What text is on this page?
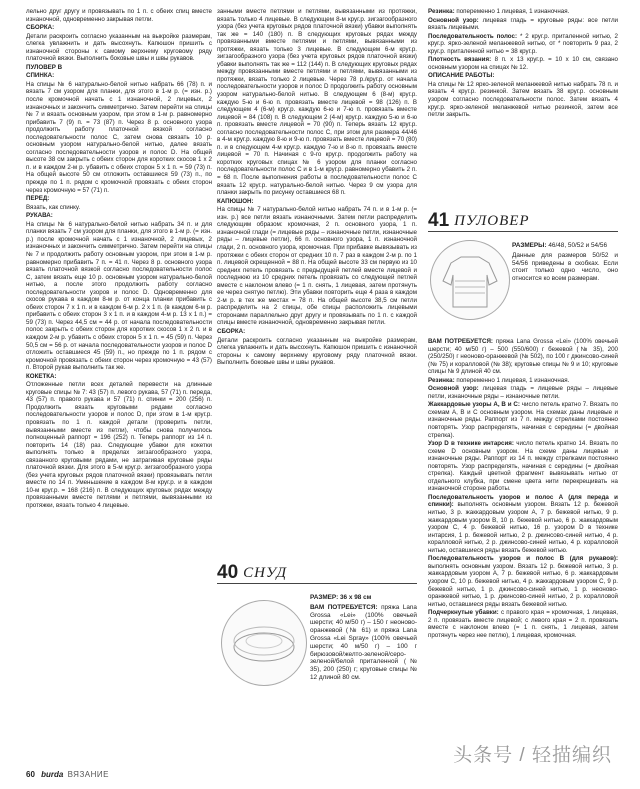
лельно друг другу и провязывать по 1 п. с обеих спиц вместе изнаночной, одновременно закрывая петли.

СБОРКА:

Детали раскроить согласно указанным на выкройке размерам, слегка увлажнить и дать высохнуть. Капюшон пришить с изнаночной стороны к самому верхнему круговому ряду платочной вязки. Выполнить боковые швы и швы рукавов.

ПУЛОВЕР В

СПИНКА:

На спицы № 6 натурально-белой нитью набрать 66 (78) п. и вязать 7 см узором для планки, для этого в 1-м р. (= изн. р.) после кромочной начать с 1 изнаночной, 2 лицевых, 2 изнаночных и закончить симметрично. Затем перейти на спицы № 7 и вязать основным узором, при этом в 1-м р. равномерно прибавить 7 (9) п. = 73 (87) п. Через 8 р. основного узора продолжить работу платочной вязкой согласно последовательности полос С, затем снова связать 10 р. основным узором натурально-белой нитью, далее вязать согласно последовательности узоров и полос D. На общей высоте 38 см закрыть с обеих сторон для коротких скосов 1 x 2 п. и в каждом 2-м р. убавить с обеих сторон 5 x 1 п. = 59 (73) п. На общей высоте 50 см отложить оставшиеся 59 (73) п., по прежде по 1 п. рядом с кромочной провязать с обеих сторон через кромочную = 57 (71) п.

ПЕРЕД:

Вязать, как спинку.

РУКАВА:

На спицы № 6 натурально-белой нитью набрать 34 п. и для планки вязать 7 см узором для планки, для этого в 1-м р. (= изн. р.) после кромочной начать с 1 изнаночной, 2 лицевых, 2 изнаночных и закончить симметрично. Затем перейти на спицы № 7 и продолжить работу основным узором, при этом в 1-м р. равномерно прибавить 7 п. = 41 п. Через 8 р. основного узора вязать платочной вязкой согласно последовательности полос С, затем вязать еще 10 р. основным узором натурально-белой нитью, а после этого продолжить работу согласно последовательности узоров и полос D. Одновременно для скосов рукава в каждом 8-м р. от конца планки прибавить с обеих сторон 7 x 1 п. и в каждом 6-м р. 2 x 1 п. (в каждом 6-м р. прибавить с обеих сторон 3 x 1 п. и в каждом 4-м р. 13 x 1 п.) = 59 (73) п. Через 44,5 см = 44 р. от начала последовательности полос закрыть с обеих сторон для коротких скосов 1 x 2 п. и в каждом 2-м р. убавить с обеих сторон 5 x 1 п. = 45 (59) п. Через 50,5 см = 56 р. от начала последовательности узоров и полос D отложить оставшиеся 45 (59) п., но прежде по 1 п. рядом с кромочной провязать с обеих сторон через кромочную = 43 (57) п. Второй рукав выполнить так же.

КОКЕТКА:

Отложенные петли всех деталей перевести на длинные круговые спицы № 7: 43 (57) п. левого рукава, 57 (71) п. переда, 43 (57) п. правого рукава и 57 (71) п. спинки = 200 (256) п. Продолжить вязать круговыми рядами согласно последовательности узоров и полос D, при этом в 1-м круг.р. провязать по 1 п. каждой детали (проверить петли, вывязанными вместе из петли), чтобы снова получилось полноценный раппорт = 196 (252) п. Теперь раппорт из 14 п. повторить 14 (18) раз. Следующие убавки для кокетки выполнять только в пределах зигзагообразного узора, связанного круговыми рядами, не затрагивая круговые ряды платочной вязки. Для этого в 5-м круг.р. зигзагообразного узора (без учета круговых рядов платочной вязки) провязывать петли вместе по 14 п. Уменьшение в каждом 8-м круг.р. и в каждом 10-м круг.р. = 168 (216) п. В следующих круговых рядах между провязанными вместе петлями и петлями, вывязанными из протяжки, вязать только 4 лицевые.

занными вместе петлями и петлями, вывязанными из протяжки, вязать только 4 лицевые. В следующем 8-м круг.р. зигзагообразного узора (без учета круговых рядов платочной вязки) убавки выполнять так же = 140 (180) п. В следующих круговых рядах между провязанными вместе петлями и петлями, вывязанными из протяжки, вязать только 3 лицевые. В следующем 6-м круг.р. зигзагообразного узора (без учета круговых рядов платочной вязки) убавки выполнять так же = 112 (144) п. В следующих круговых рядах между провязанными вместе петлями и петлями, вывязанными из протяжки, вязать только 2 лицевые. Через 78 р./круг.р. от начала последовательности узоров и полос D продолжить работу основным узором натурально-белой нитью. В следующем 6 (8-м) круг.р. каждую 5-ю и 6-ю п. провязать вместе лицевой = 98 (126) п. В следующем 4 (6-м) круг.р. каждую 6-ю и 7-ю п. провязать вместе лицевой = 84 (108) п. В следующем 2 (4-м) круг.р. каждую 5-ю и 6-ю п. провязать вместе лицевой = 70 (90) п. Теперь вязать 12 круг.р. согласно последовательности полос С, при этом для размера 44/46 в 4-м круг.р. каждую 8-ю и 9-ю п. провязать вместе лицевой = 70 (80) п. и в следующем 4-м круг.р. каждую 7-ю и 8-ю п. провязать вместе лицевой = 70 п. Начиная с 9-го круг.р. продолжить работу на коротких круговых спицах № 6 узором для планки согласно последовательности полос С и в 1-м круг.р. равномерно убавить 2 п. = 68 п. После выполнения работы в последовательности полос С вязать 12 круг.р. натурально-белой нитью. Через 9 см узора для планки закрыть по рисунку оставшиеся 68 п.

КАПЮШОН:

На спицы № 7 натурально-белой нитью набрать 74 п. и в 1-м р. (= изн. р.) все петли вязать изнаночными. Затем петли распределить следующим образом: кромочная, 2 п. основного узора, 1 п. изнаночной глади (= лицевые ряды – изнаночные петли, изнаночные ряды – лицевые петли), 66 п. основного узора, 1 п. изнаночной глади, 2 п. основного узора, кромочная. При прибавке вывязывать из протяжки с обеих сторон от средних 10 п. 7 раз в каждом 2-м р. по 1 п. лицевой скрещенной = 88 п. На общей высоте 33 см первую из 10 средних петель провязать с предыдущей петлей вместе лицевой и последнюю из 10 средних петель провязать со следующей петлей вместе с наклоном влево (= 1 п. снять, 1 лицевая, затем протянуть ее через снятую петлю). Эти убавки повторить еще 4 раза в каждом 2-м р. в тех же местах = 78 п. На общей высоте 38,5 см петли распределить на 2 спицы, обе спицы расположить лицевыми сторонами параллельно друг другу и провязывать по 1 п. с каждой спицы вместе изнаночной, одновременно закрывая петли.

СБОРКА:

Детали раскроить согласно указанным на выкройке размерам, слегка увлажнить и дать высохнуть. Капюшон пришить с изнаночной стороны к самому верхнему круговому ряду платочной вязки. Выполнить боковые швы и швы рукавов.

40 СНУД

РАЗМЕР: 36 x 98 см

ВАМ ПОТРЕБУЕТСЯ: пряжа Lana Grossa «Lei» (100% овечьей шерсти; 40 м/50 г) – 150 г неоново-оранжевой (№ 61) и пряжа Lana Grossa «Lei Spray» (100% овечьей шерсти; 40 м/50 г) – 100 г бирюзовой/желто-зеленой/серо-зеленой/белой приталенной (№ 35), 200 (250) г; круговые спицы № 12 длиной 80 см.

Резинка: попеременно 1 лицевая, 1 изнаночная.

Основной узор: лицевая гладь = круговые ряды: все петли вязать лицевыми.

Последовательность полос: * 2 круг.р. приталенной нитью, 2 круг.р. ярко-зеленой меланжевой нитью, от * повторить 9 раз, 2 круг.р. приталенной нитью = 38 круг.р.

Плотность вязания: 8 п. x 13 круг.р. = 10 x 10 см, связано основным узором на спицах № 12.

ОПИСАНИЕ РАБОТЫ:

На спицы № 12 ярко-зеленой меланжевой нитью набрать 78 п. и вязать 4 круг.р. резинкой. Затем вязать 38 круг.р. основным узором согласно последовательности полос. Затем вязать 4 круг.р. ярко-зеленой меланжевой нитью резинкой, затем все петли закрыть.

41 ПУЛОВЕР

РАЗМЕРЫ: 46/48, 50/52 и 54/56

Данные для размеров 50/52 и 54/56 приведены в скобках. Если стоит только одно число, оно относится ко всем размерам.

ВАМ ПОТРЕБУЕТСЯ: пряжа Lana Grossa «Lei» (100% овечьей шерсти; 40 м/50 г) – 500 (550/600) г бежевой (№ 35), 200 (250/250) г неоново-оранжевой (№ 502), по 100 г джинсово-синей (№ 75) и коралловой (№ 38); круговые спицы № 9 и 10; круговые спицы № 9 длиной 40 см.

Резинка: попеременно 1 лицевая, 1 изнаночная.

Основной узор: лицевая гладь = лицевые ряды – лицевые петли, изнаночные ряды – изнаночные петли.

Жаккардовые узоры A, B и C: число петель кратно 7. Вязать по схемам A, B и C основным узором. На схемах даны лицевые и изнаночные ряды. Раппорт из 7 п. между стрелками постоянно повторять. Узор распределять, начиная с середины (= двойная стрелка).

Узор D в технике интарсия: число петель кратно 14. Вязать по схеме D основным узором. На схеме даны лицевые и изнаночные ряды. Раппорт из 14 п. между стрелками постоянно повторять. Узор распределять, начиная с середины (= двойная стрелка). Каждый цветной фрагмент вывязывать нитью от отдельного клубка, при смене цвета нити перекрещивать на изнаночной стороне работы.

Последовательность узоров и полос A (для переда и спинки): выполнять основным узором. Вязать 12 р. бежевой нитью, 3 р. жаккардовым узором A, 7 р. бежевой нитью, 9 р. жаккардовым узором B, 10 р. бежевой нитью, 6 р. жаккардовым узором C, 4 р. бежевой нитью, 16 р. узором D в технике интарсия, 1 р. бежевой нитью, 2 р. джинсово-синей нитью, 4 р. коралловой нитью, 2 р. джинсово-синей нитью, 4 р. коралловой нитью, оставшиеся ряды вязать бежевой нитью.

Последовательность узоров и полос B (для рукавов): выполнять основным узором. Вязать 12 р. бежевой нитью, 3 р. жаккардовым узором A, 7 р. бежевой нитью, 6 р. жаккардовым узором C, 10 р. бежевой нитью, 4 р. жаккардовым узором C, 9 р. бежевой нитью, 1 р. джинсово-синей нитью, 1 р. неоново-оранжевой нитью, 1 р. джинсово-синей нитью, 2 р. коралловой нитью, оставшиеся ряды вязать бежевой нитью.

Подчеркнутые убавки: с правого края = кромочная, 1 лицевая, 2 п. провязать вместе лицевой; с левого края = 2 п. провязать вместе с наклоном влево (= 1 п. снять, 1 лицевая, затем протянуть через нее петлю), 1 лицевая, кромочная.

60 burda ВЯЗАНИЕ
头条号 / 轻描编织
